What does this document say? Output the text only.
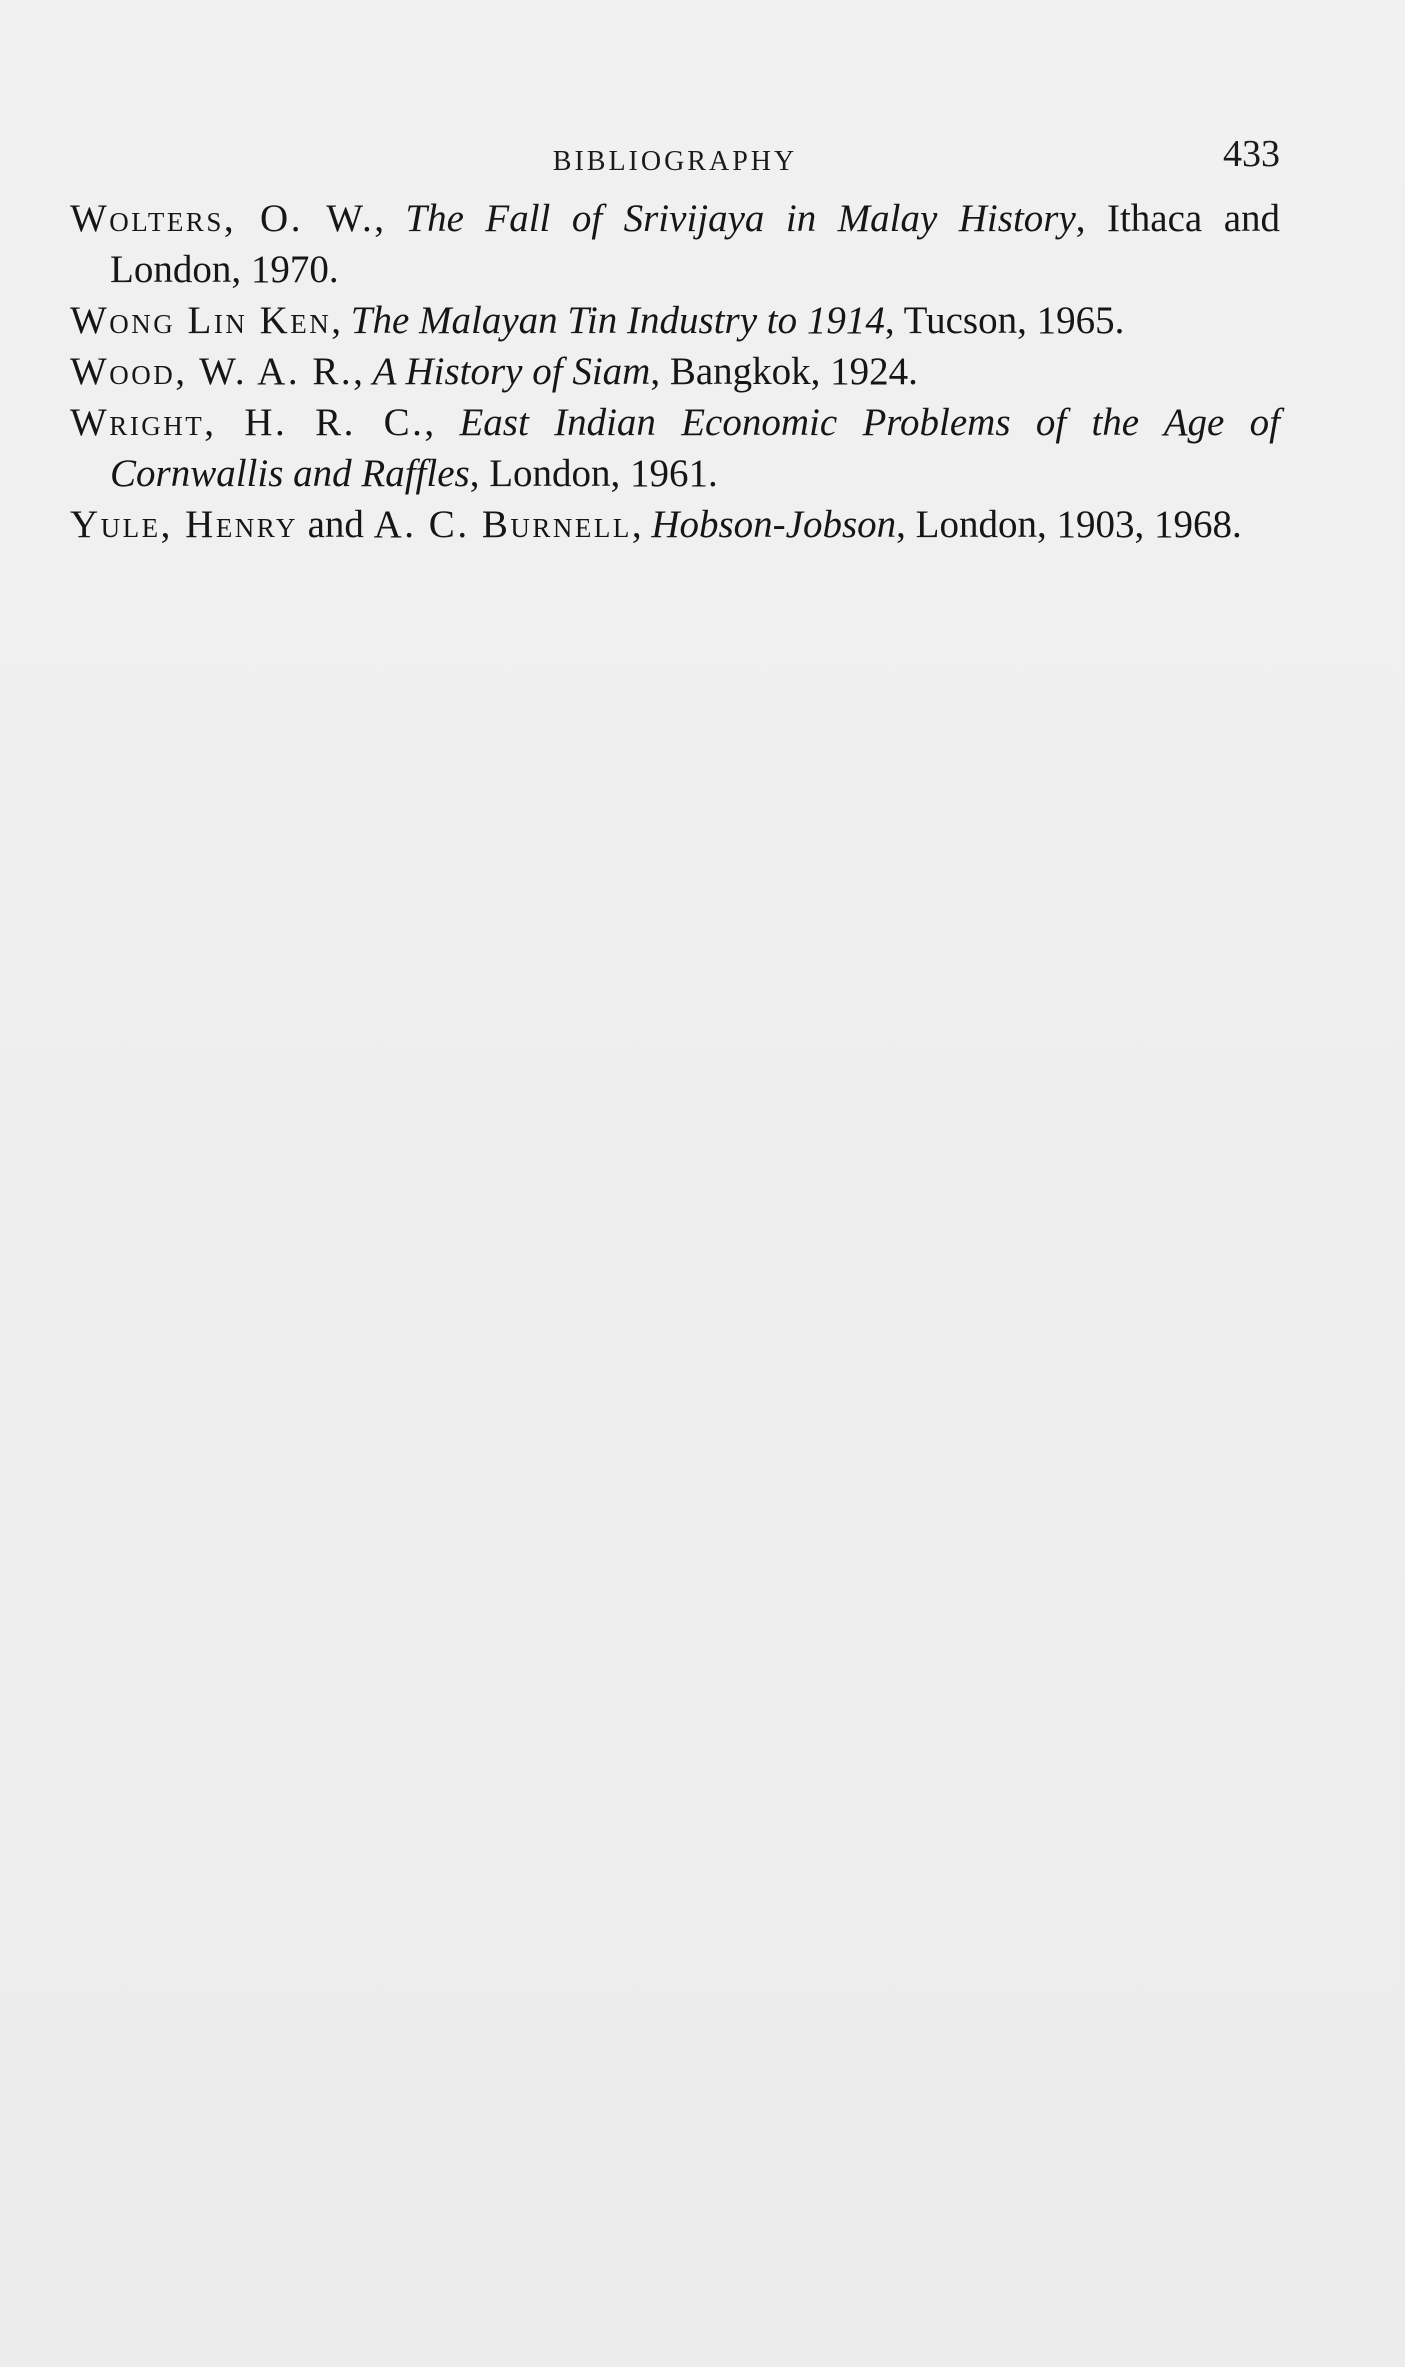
BIBLIOGRAPHY	433
Wolters, O. W., The Fall of Srivijaya in Malay History, Ithaca and London, 1970.
Wong Lin Ken, The Malayan Tin Industry to 1914, Tucson, 1965.
Wood, W. A. R., A History of Siam, Bangkok, 1924.
Wright, H. R. C., East Indian Economic Problems of the Age of Cornwallis and Raffles, London, 1961.
Yule, Henry and A. C. Burnell, Hobson-Jobson, London, 1903, 1968.
